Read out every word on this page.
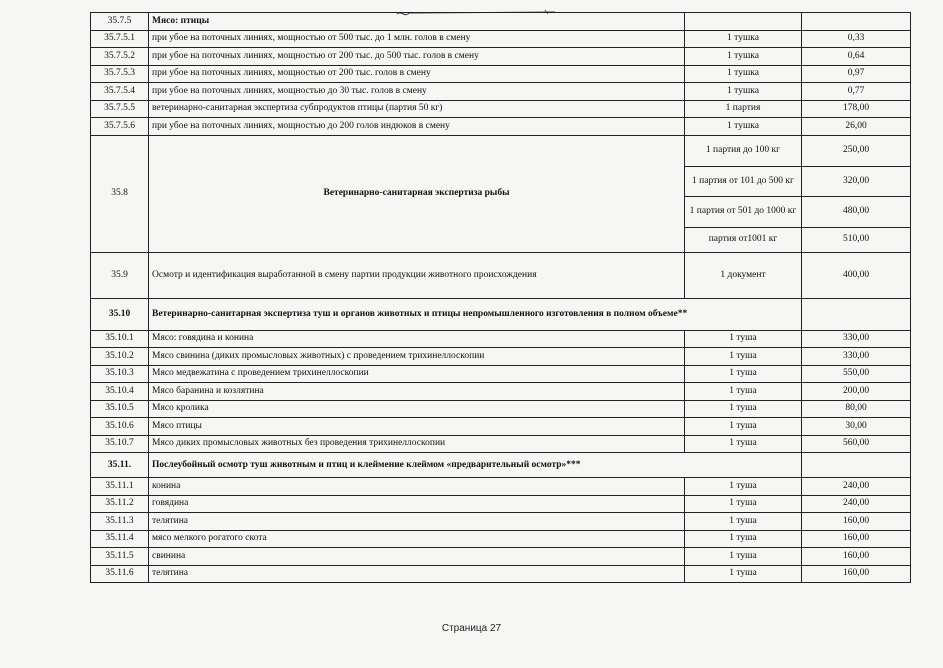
35.7.5	Мясо: птицы		
35.7.5.1	при убое на поточных линиях, мощностью от 500 тыс. до 1 млн. голов в смену	1 тушка	0,33
35.7.5.2	при убое на поточных линиях, мощностью от 200 тыс. до 500 тыс. голов в смену	1 тушка	0,64
35.7.5.3	при убое на поточных линиях, мощностью от 200 тыс. голов в смену	1 тушка	0,97
35.7.5.4	при убое на поточных линиях, мощностью до 30 тыс. голов в смену	1 тушка	0,77
35.7.5.5	ветеринарно-санитарная экспертиза субпродуктов птицы (партия 50 кг)	1 партия	178,00
35.7.5.6	при убое на поточных линиях, мощностью до 200 голов индюков в смену	1 тушка	26,00
35.8	Ветеринарно-санитарная экспертиза рыбы	1 партия до 100 кг	250,00
		1 партия от 101 до 500 кг	320,00
		1 партия от 501 до 1000 кг	480,00
		партия от1001 кг	510,00
35.9	Осмотр и идентификация выработанной в смену партии продукции животного происхождения	1 документ	400,00
35.10	Ветеринарно-санитарная экспертиза туш и органов животных и птицы непромышленного изготовления в полном объеме**		
35.10.1	Мясо: говядина и конина	1 туша	330,00
35.10.2	Мясо свинина (диких промысловых животных) с проведением трихинеллоскопии	1 туша	330,00
35.10.3	Мясо медвежатина с проведением трихинеллоскопии	1 туша	550,00
35.10.4	Мясо баранина и козлятина	1 туша	200,00
35.10.5	Мясо кролика	1 туша	80,00
35.10.6	Мясо птицы	1 туша	30,00
35.10.7	Мясо диких промысловых животных без проведения трихинеллоскопии	1 туша	560,00
35.11.	Послеубойный осмотр туш животным и птиц и клеймение клеймом «предварительный осмотр»***		
35.11.1	конина	1 туша	240,00
35.11.2	говядина	1 туша	240,00
35.11.3	телятина	1 туша	160,00
35.11.4	мясо мелкого рогатого скота	1 туша	160,00
35.11.5	свинина	1 туша	160,00
35.11.6	телятина	1 туша	160,00
Страница 27
